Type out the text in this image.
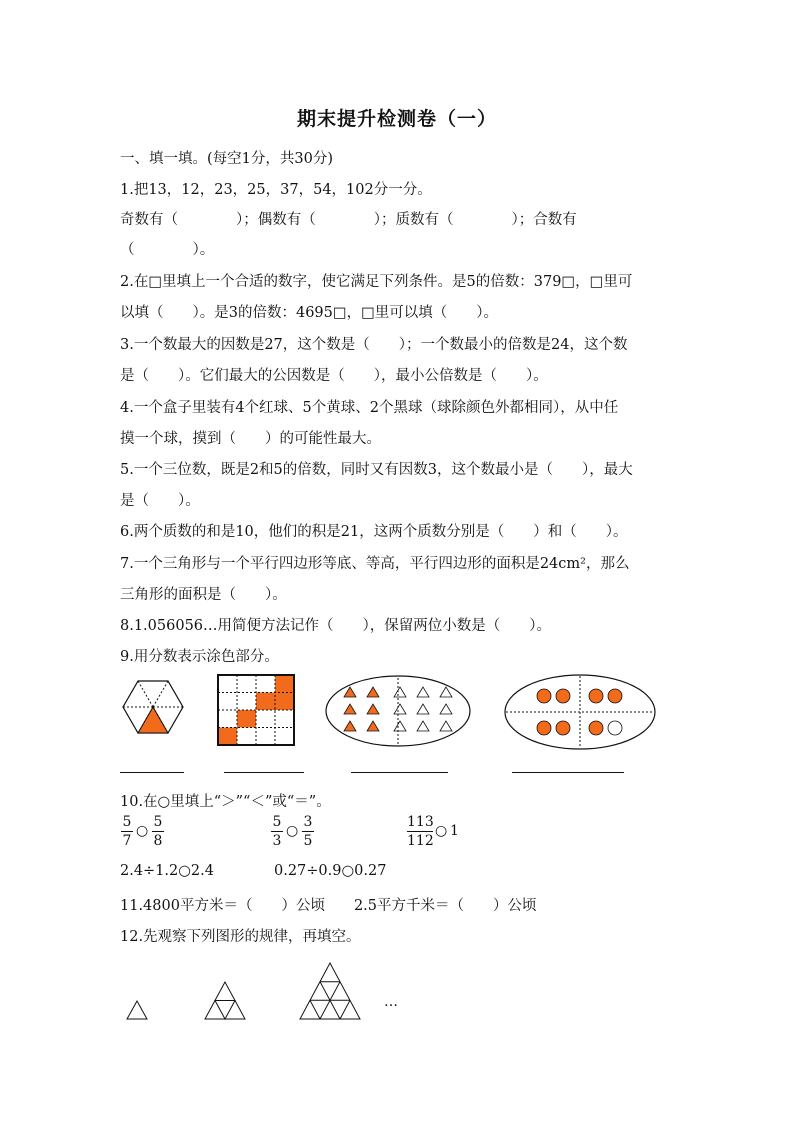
期末提升检测卷（一）
一、填一填。(每空1分，共30分)
1.把13，12，23，25，37，54，102分一分。
奇数有（　　　　）；偶数有（　　　　）；质数有（　　　　）；合数有
（　　　　）。
2.在□里填上一个合适的数字，使它满足下列条件。是5的倍数：379□，□里可
以填（　　）。是3的倍数：4695□，□里可以填（　　）。
3.一个数最大的因数是27，这个数是（　　）；一个数最小的倍数是24，这个数
是（　　）。它们最大的公因数是（　　），最小公倍数是（　　）。
4.一个盒子里装有4个红球、5个黄球、2个黑球（球除颜色外都相同），从中任
摸一个球，摸到（　　）的可能性最大。
5.一个三位数，既是2和5的倍数，同时又有因数3，这个数最小是（　　），最大
是（　　）。
6.两个质数的和是10，他们的积是21，这两个质数分别是（　　）和（　　）。
7.一个三角形与一个平行四边形等底、等高，平行四边形的面积是24cm²，那么
三角形的面积是（　　）。
8.1.056056…用简便方法记作（　　），保留两位小数是（　　）。
9.用分数表示涂色部分。
10.在○里填上“＞”“＜”或“＝”。
5
7
○
5
8
5
3
○
3
5
113
112
○ 1
2.4÷1.2○2.4	0.27÷0.9○0.27
11.4800平方米＝（　　）公顷　　2.5平方千米＝（　　）公顷
12.先观察下列图形的规律，再填空。
…
